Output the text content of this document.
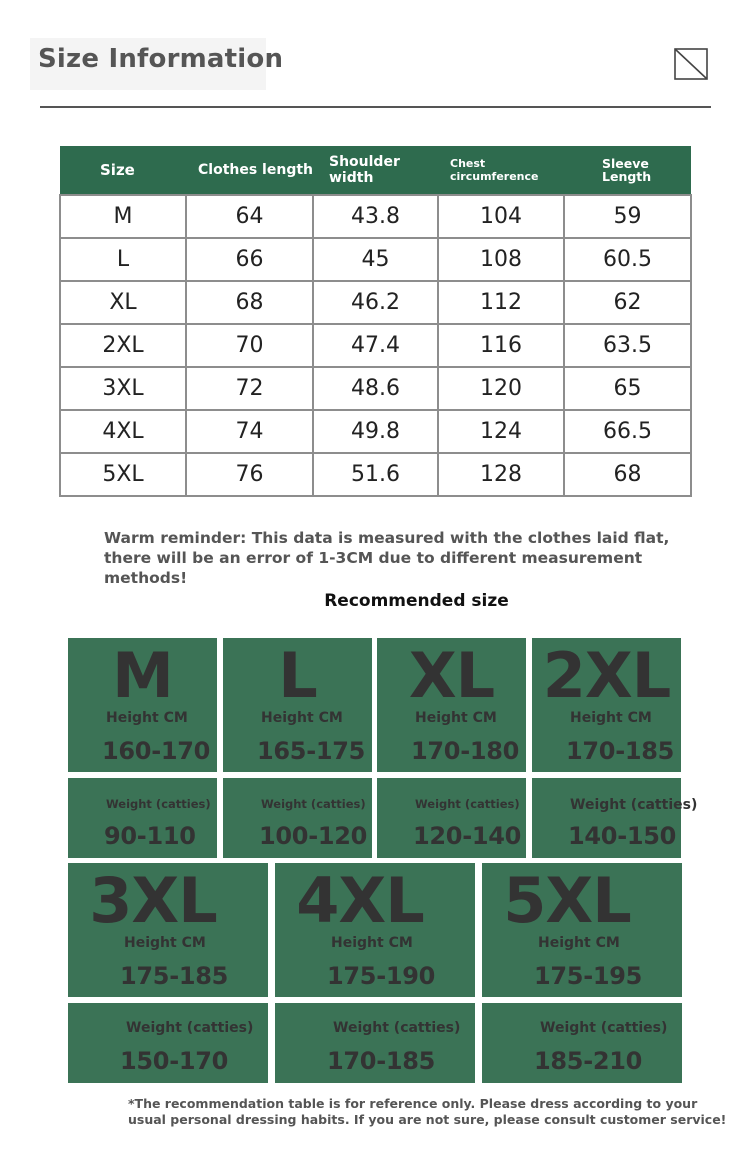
Size Information
Size	Clothes length	Shoulder width	Chest circumference	Sleeve Length
M	64	43.8	104	59
L	66	45	108	60.5
XL	68	46.2	112	62
2XL	70	47.4	116	63.5
3XL	72	48.6	120	65
4XL	74	49.8	124	66.5
5XL	76	51.6	128	68
Warm reminder: This data is measured with the clothes laid flat, there will be an error of 1-3CM due to different measurement methods!
Recommended size
M
Height CM
160-170
Weight (catties)
90-110
L
Height CM
165-175
Weight (catties)
100-120
XL
Height CM
170-180
Weight (catties)
120-140
2XL
Height CM
170-185
Weight (catties)
140-150
3XL
Height CM
175-185
Weight (catties)
150-170
4XL
Height CM
175-190
Weight (catties)
170-185
5XL
Height CM
175-195
Weight (catties)
185-210
*The recommendation table is for reference only. Please dress according to your usual personal dressing habits. If you are not sure, please consult customer service!
